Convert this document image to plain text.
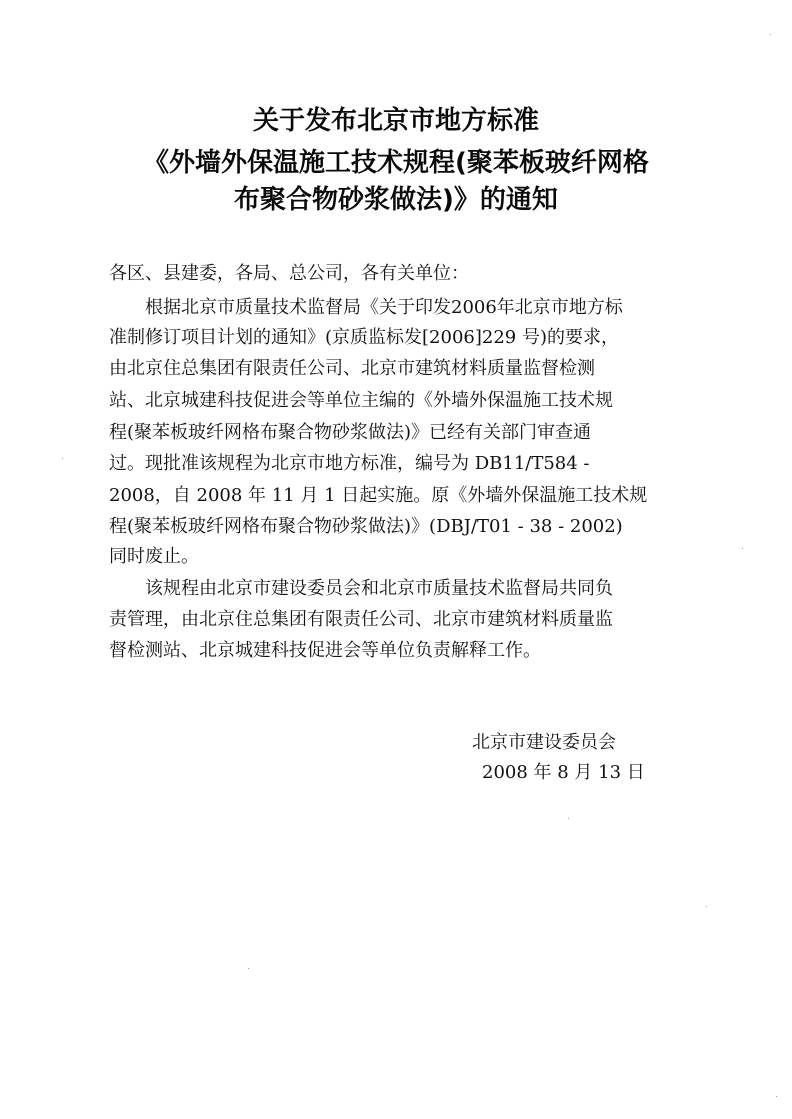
关于发布北京市地方标准
《外墙外保温施工技术规程(聚苯板玻纤网格
布聚合物砂浆做法)》的通知
各区、县建委，各局、总公司，各有关单位：
根据北京市质量技术监督局《关于印发2006年北京市地方标
准制修订项目计划的通知》(京质监标发[2006]229 号)的要求，
由北京住总集团有限责任公司、北京市建筑材料质量监督检测
站、北京城建科技促进会等单位主编的《外墙外保温施工技术规
程(聚苯板玻纤网格布聚合物砂浆做法)》已经有关部门审查通
过。现批准该规程为北京市地方标准，编号为 DB11/T584 -
2008，自 2008 年 11 月 1 日起实施。原《外墙外保温施工技术规
程(聚苯板玻纤网格布聚合物砂浆做法)》(DBJ/T01 - 38 - 2002)
同时废止。
该规程由北京市建设委员会和北京市质量技术监督局共同负
责管理，由北京住总集团有限责任公司、北京市建筑材料质量监
督检测站、北京城建科技促进会等单位负责解释工作。
北京市建设委员会
2008 年 8 月 13 日
